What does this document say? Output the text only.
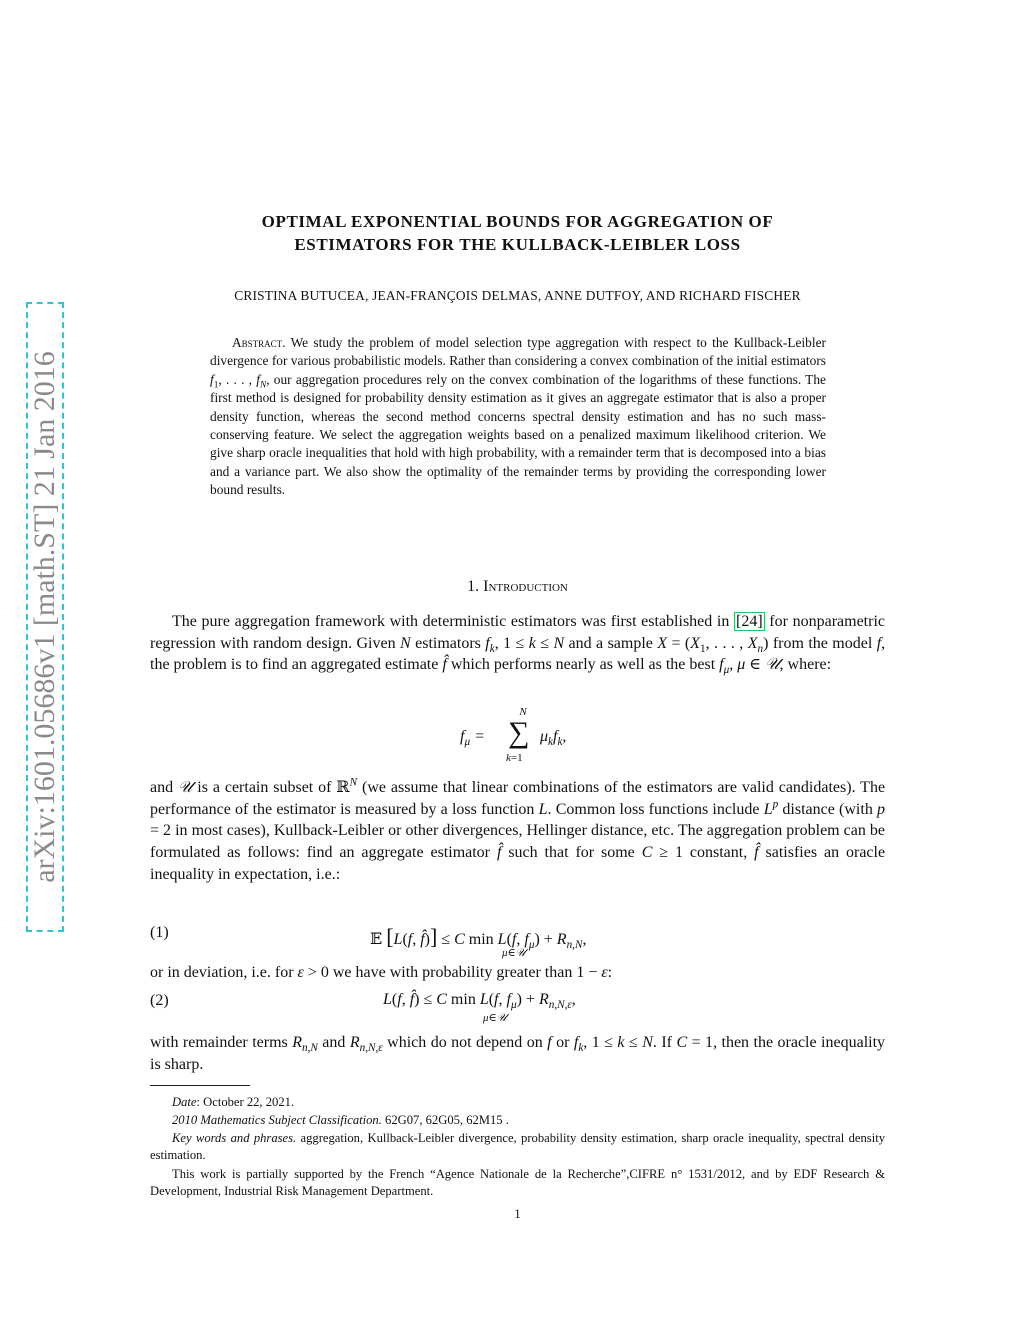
arXiv:1601.05686v1 [math.ST] 21 Jan 2016
OPTIMAL EXPONENTIAL BOUNDS FOR AGGREGATION OF
ESTIMATORS FOR THE KULLBACK-LEIBLER LOSS
CRISTINA BUTUCEA, JEAN-FRANÇOIS DELMAS, ANNE DUTFOY, AND RICHARD FISCHER
Abstract. We study the problem of model selection type aggregation with respect to the Kullback-Leibler divergence for various probabilistic models. Rather than considering a convex combination of the initial estimators $f_1$, . . . , $f_N$, our aggregation procedures rely on the convex combination of the logarithms of these functions. The first method is designed for probability density estimation as it gives an aggregate estimator that is also a proper density function, whereas the second method concerns spectral density estimation and has no such mass-conserving feature. We select the aggregation weights based on a penalized maximum likelihood criterion. We give sharp oracle inequalities that hold with high probability, with a remainder term that is decomposed into a bias and a variance part. We also show the optimality of the remainder terms by providing the corresponding lower bound results.
1. Introduction
The pure aggregation framework with deterministic estimators was first established in [24] for nonparametric regression with random design. Given N estimators $f_k$, 1 ≤ k ≤ N and a sample $X = (X_1$, . . . , $X_n$) from the model f, the problem is to find an aggregated estimate f̂ which performs nearly as well as the best $f_\mu$, μ ∈ 𝒰, where:
$f_\mu$ =
N
∑
k=1
$\mu_kf_k$,
and 𝒰 is a certain subset of ℝ$^N$ (we assume that linear combinations of the estimators are valid candidates). The performance of the estimator is measured by a loss function L. Common loss functions include $L^p$ distance (with p = 2 in most cases), Kullback-Leibler or other divergences, Hellinger distance, etc. The aggregation problem can be formulated as follows: find an aggregate estimator f̂ such that for some C ≥ 1 constant, f̂ satisfies an oracle inequality in expectation, i.e.:
(1)	𝔼 [L(f, f̂)] ≤ C min L(f, $f_\mu) + R_{n,N}$,
μ∈𝒰
or in deviation, i.e. for ε > 0 we have with probability greater than 1 − ε:
(2)	L(f, f̂) ≤ C min L(f, $f_\mu) + R_{n,N,\varepsilon}$,
μ∈𝒰
with remainder terms $R_{n,N}$ and $R_{n,N,\varepsilon}$ which do not depend on f or $f_k$, 1 ≤ k ≤ N. If C = 1, then the oracle inequality is sharp.
Date: October 22, 2021.
2010 Mathematics Subject Classification. 62G07, 62G05, 62M15 .
Key words and phrases. aggregation, Kullback-Leibler divergence, probability density estimation, sharp oracle inequality, spectral density estimation.
This work is partially supported by the French “Agence Nationale de la Recherche”,CIFRE n° 1531/2012, and by EDF Research & Development, Industrial Risk Management Department.
1
